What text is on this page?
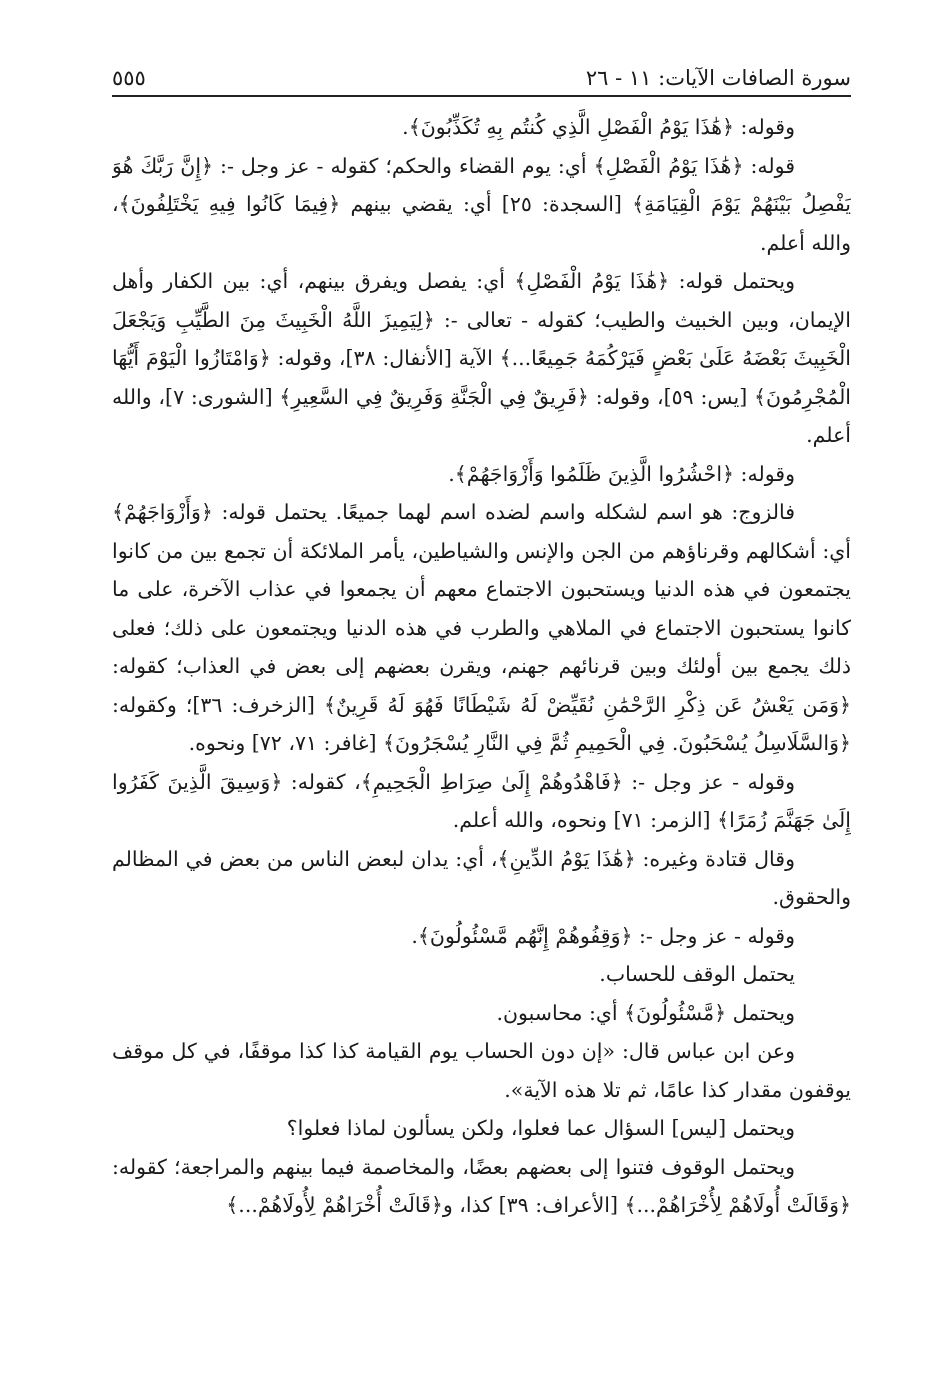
سورة الصافات الآيات: ١١ - ٢٦
٥٥٥

وقوله: ﴿هَٰذَا يَوْمُ الْفَصْلِ الَّذِي كُنتُم بِهِ تُكَذِّبُونَ﴾.

قوله: ﴿هَٰذَا يَوْمُ الْفَصْلِ﴾ أي: يوم القضاء والحكم؛ كقوله - عز وجل -: ﴿إِنَّ رَبَّكَ هُوَ يَفْصِلُ بَيْنَهُمْ يَوْمَ الْقِيَامَةِ﴾ [السجدة: ٢٥] أي: يقضي بينهم ﴿فِيمَا كَانُوا فِيهِ يَخْتَلِفُونَ﴾، والله أعلم.

ويحتمل قوله: ﴿هَٰذَا يَوْمُ الْفَصْلِ﴾ أي: يفصل ويفرق بينهم، أي: بين الكفار وأهل الإيمان، وبين الخبيث والطيب؛ كقوله - تعالى -: ﴿لِيَمِيزَ اللَّهُ الْخَبِيثَ مِنَ الطَّيِّبِ وَيَجْعَلَ الْخَبِيثَ بَعْضَهُ عَلَىٰ بَعْضٍ فَيَرْكُمَهُ جَمِيعًا...﴾ الآية [الأنفال: ٣٨]، وقوله: ﴿وَامْتَازُوا الْيَوْمَ أَيُّهَا الْمُجْرِمُونَ﴾ [يس: ٥٩]، وقوله: ﴿فَرِيقٌ فِي الْجَنَّةِ وَفَرِيقٌ فِي السَّعِيرِ﴾ [الشورى: ٧]، والله أعلم.

وقوله: ﴿احْشُرُوا الَّذِينَ ظَلَمُوا وَأَزْوَاجَهُمْ﴾.

فالزوج: هو اسم لشكله واسم لضده اسم لهما جميعًا. يحتمل قوله: ﴿وَأَزْوَاجَهُمْ﴾ أي: أشكالهم وقرناؤهم من الجن والإنس والشياطين، يأمر الملائكة أن تجمع بين من كانوا يجتمعون في هذه الدنيا ويستحبون الاجتماع معهم أن يجمعوا في عذاب الآخرة، على ما كانوا يستحبون الاجتماع في الملاهي والطرب في هذه الدنيا ويجتمعون على ذلك؛ فعلى ذلك يجمع بين أولئك وبين قرنائهم جهنم، ويقرن بعضهم إلى بعض في العذاب؛ كقوله: ﴿وَمَن يَعْشُ عَن ذِكْرِ الرَّحْمَٰنِ نُقَيِّضْ لَهُ شَيْطَانًا فَهُوَ لَهُ قَرِينٌ﴾ [الزخرف: ٣٦]؛ وكقوله: ﴿وَالسَّلَاسِلُ يُسْحَبُونَ. فِي الْحَمِيمِ ثُمَّ فِي النَّارِ يُسْجَرُونَ﴾ [غافر: ٧١، ٧٢] ونحوه.

وقوله - عز وجل -: ﴿فَاهْدُوهُمْ إِلَىٰ صِرَاطِ الْجَحِيمِ﴾، كقوله: ﴿وَسِيقَ الَّذِينَ كَفَرُوا إِلَىٰ جَهَنَّمَ زُمَرًا﴾ [الزمر: ٧١] ونحوه، والله أعلم.

وقال قتادة وغيره: ﴿هَٰذَا يَوْمُ الدِّينِ﴾، أي: يدان لبعض الناس من بعض في المظالم والحقوق.

وقوله - عز وجل -: ﴿وَقِفُوهُمْ إِنَّهُم مَّسْئُولُونَ﴾.

يحتمل الوقف للحساب.

ويحتمل ﴿مَّسْئُولُونَ﴾ أي: محاسبون.

وعن ابن عباس قال: «إن دون الحساب يوم القيامة كذا كذا موقفًا، في كل موقف يوقفون مقدار كذا عامًا، ثم تلا هذه الآية».

ويحتمل [ليس] السؤال عما فعلوا، ولكن يسألون لماذا فعلوا؟

ويحتمل الوقوف فتنوا إلى بعضهم بعضًا، والمخاصمة فيما بينهم والمراجعة؛ كقوله: ﴿وَقَالَتْ أُولَاهُمْ لِأُخْرَاهُمْ...﴾ [الأعراف: ٣٩] كذا، و﴿قَالَتْ أُخْرَاهُمْ لِأُولَاهُمْ...﴾
